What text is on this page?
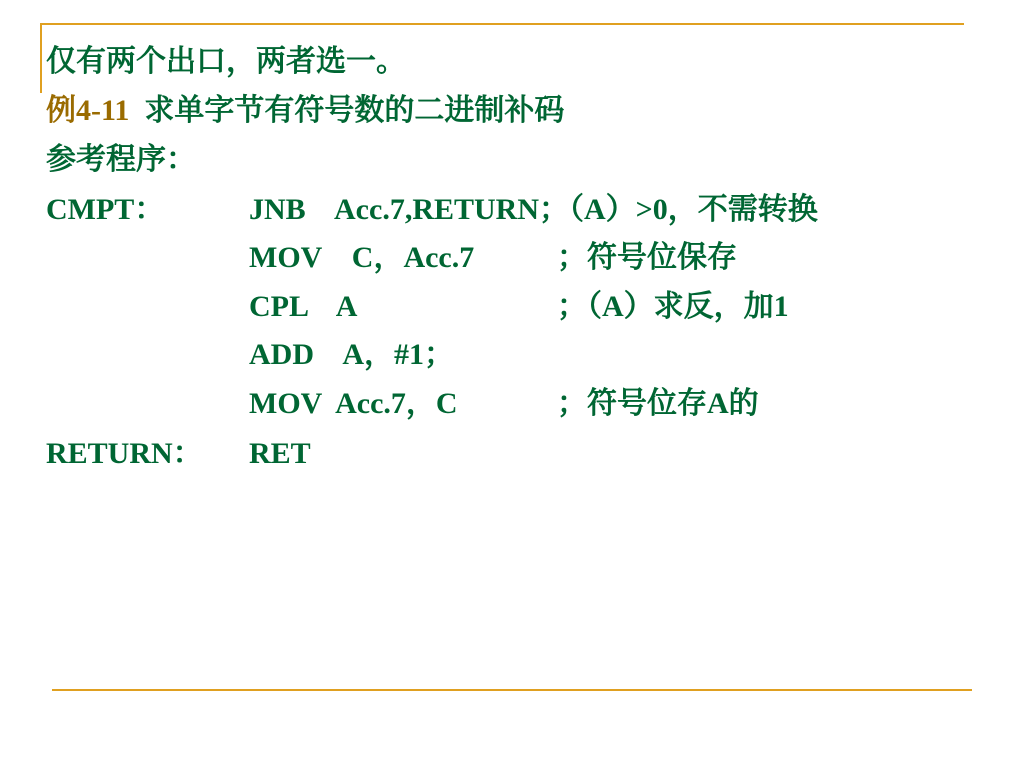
仅有两个出口，两者选一。
例4-11  求单字节有符号数的二进制补码
参考程序：
CMPT：	JNB    Acc.7,RETURN；（A）>0，不需转换
MOV    C，Acc.7	；符号位保存
CPL    A	；（A）求反，加1
ADD    A，#1；
MOV  Acc.7，C	；符号位存A的
RETURN： RET
